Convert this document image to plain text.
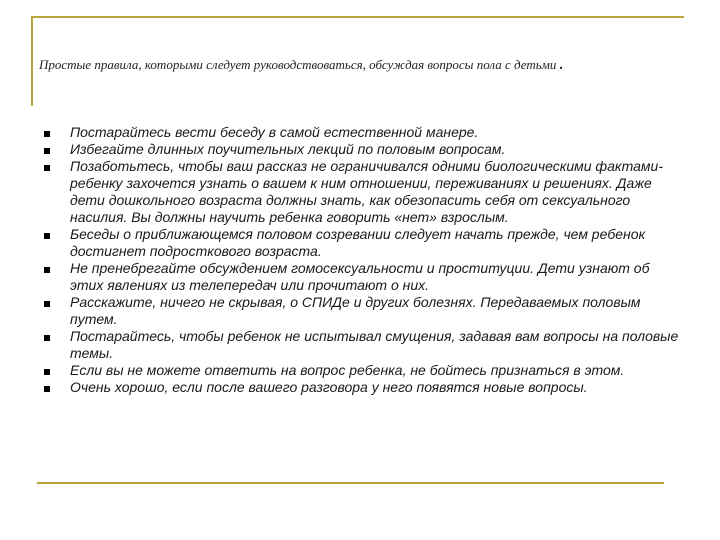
Простые правила, которыми следует руководствоваться, обсуждая вопросы пола с детьми .
Постарайтесь вести беседу в самой естественной манере.
Избегайте длинных поучительных лекций по половым вопросам.
Позаботьтесь, чтобы ваш рассказ не ограничивался одними биологическими фактами- ребенку захочется узнать о вашем к ним отношении, переживаниях и решениях. Даже дети дошкольного возраста должны знать, как обезопасить себя от сексуального насилия. Вы должны научить ребенка говорить «нет» взрослым.
Беседы о приближающемся половом созревании следует начать прежде, чем ребенок достигнет подросткового возраста.
Не пренебрегайте обсуждением гомосексуальности и проституции. Дети узнают об этих явлениях из телепередач или прочитают о них.
Расскажите, ничего не скрывая, о СПИДе и других болезнях. Передаваемых половым путем.
Постарайтесь, чтобы ребенок не испытывал смущения, задавая вам вопросы на половые темы.
Если вы не можете ответить на вопрос ребенка, не бойтесь признаться в этом.
Очень хорошо, если после вашего разговора у него появятся новые вопросы.
